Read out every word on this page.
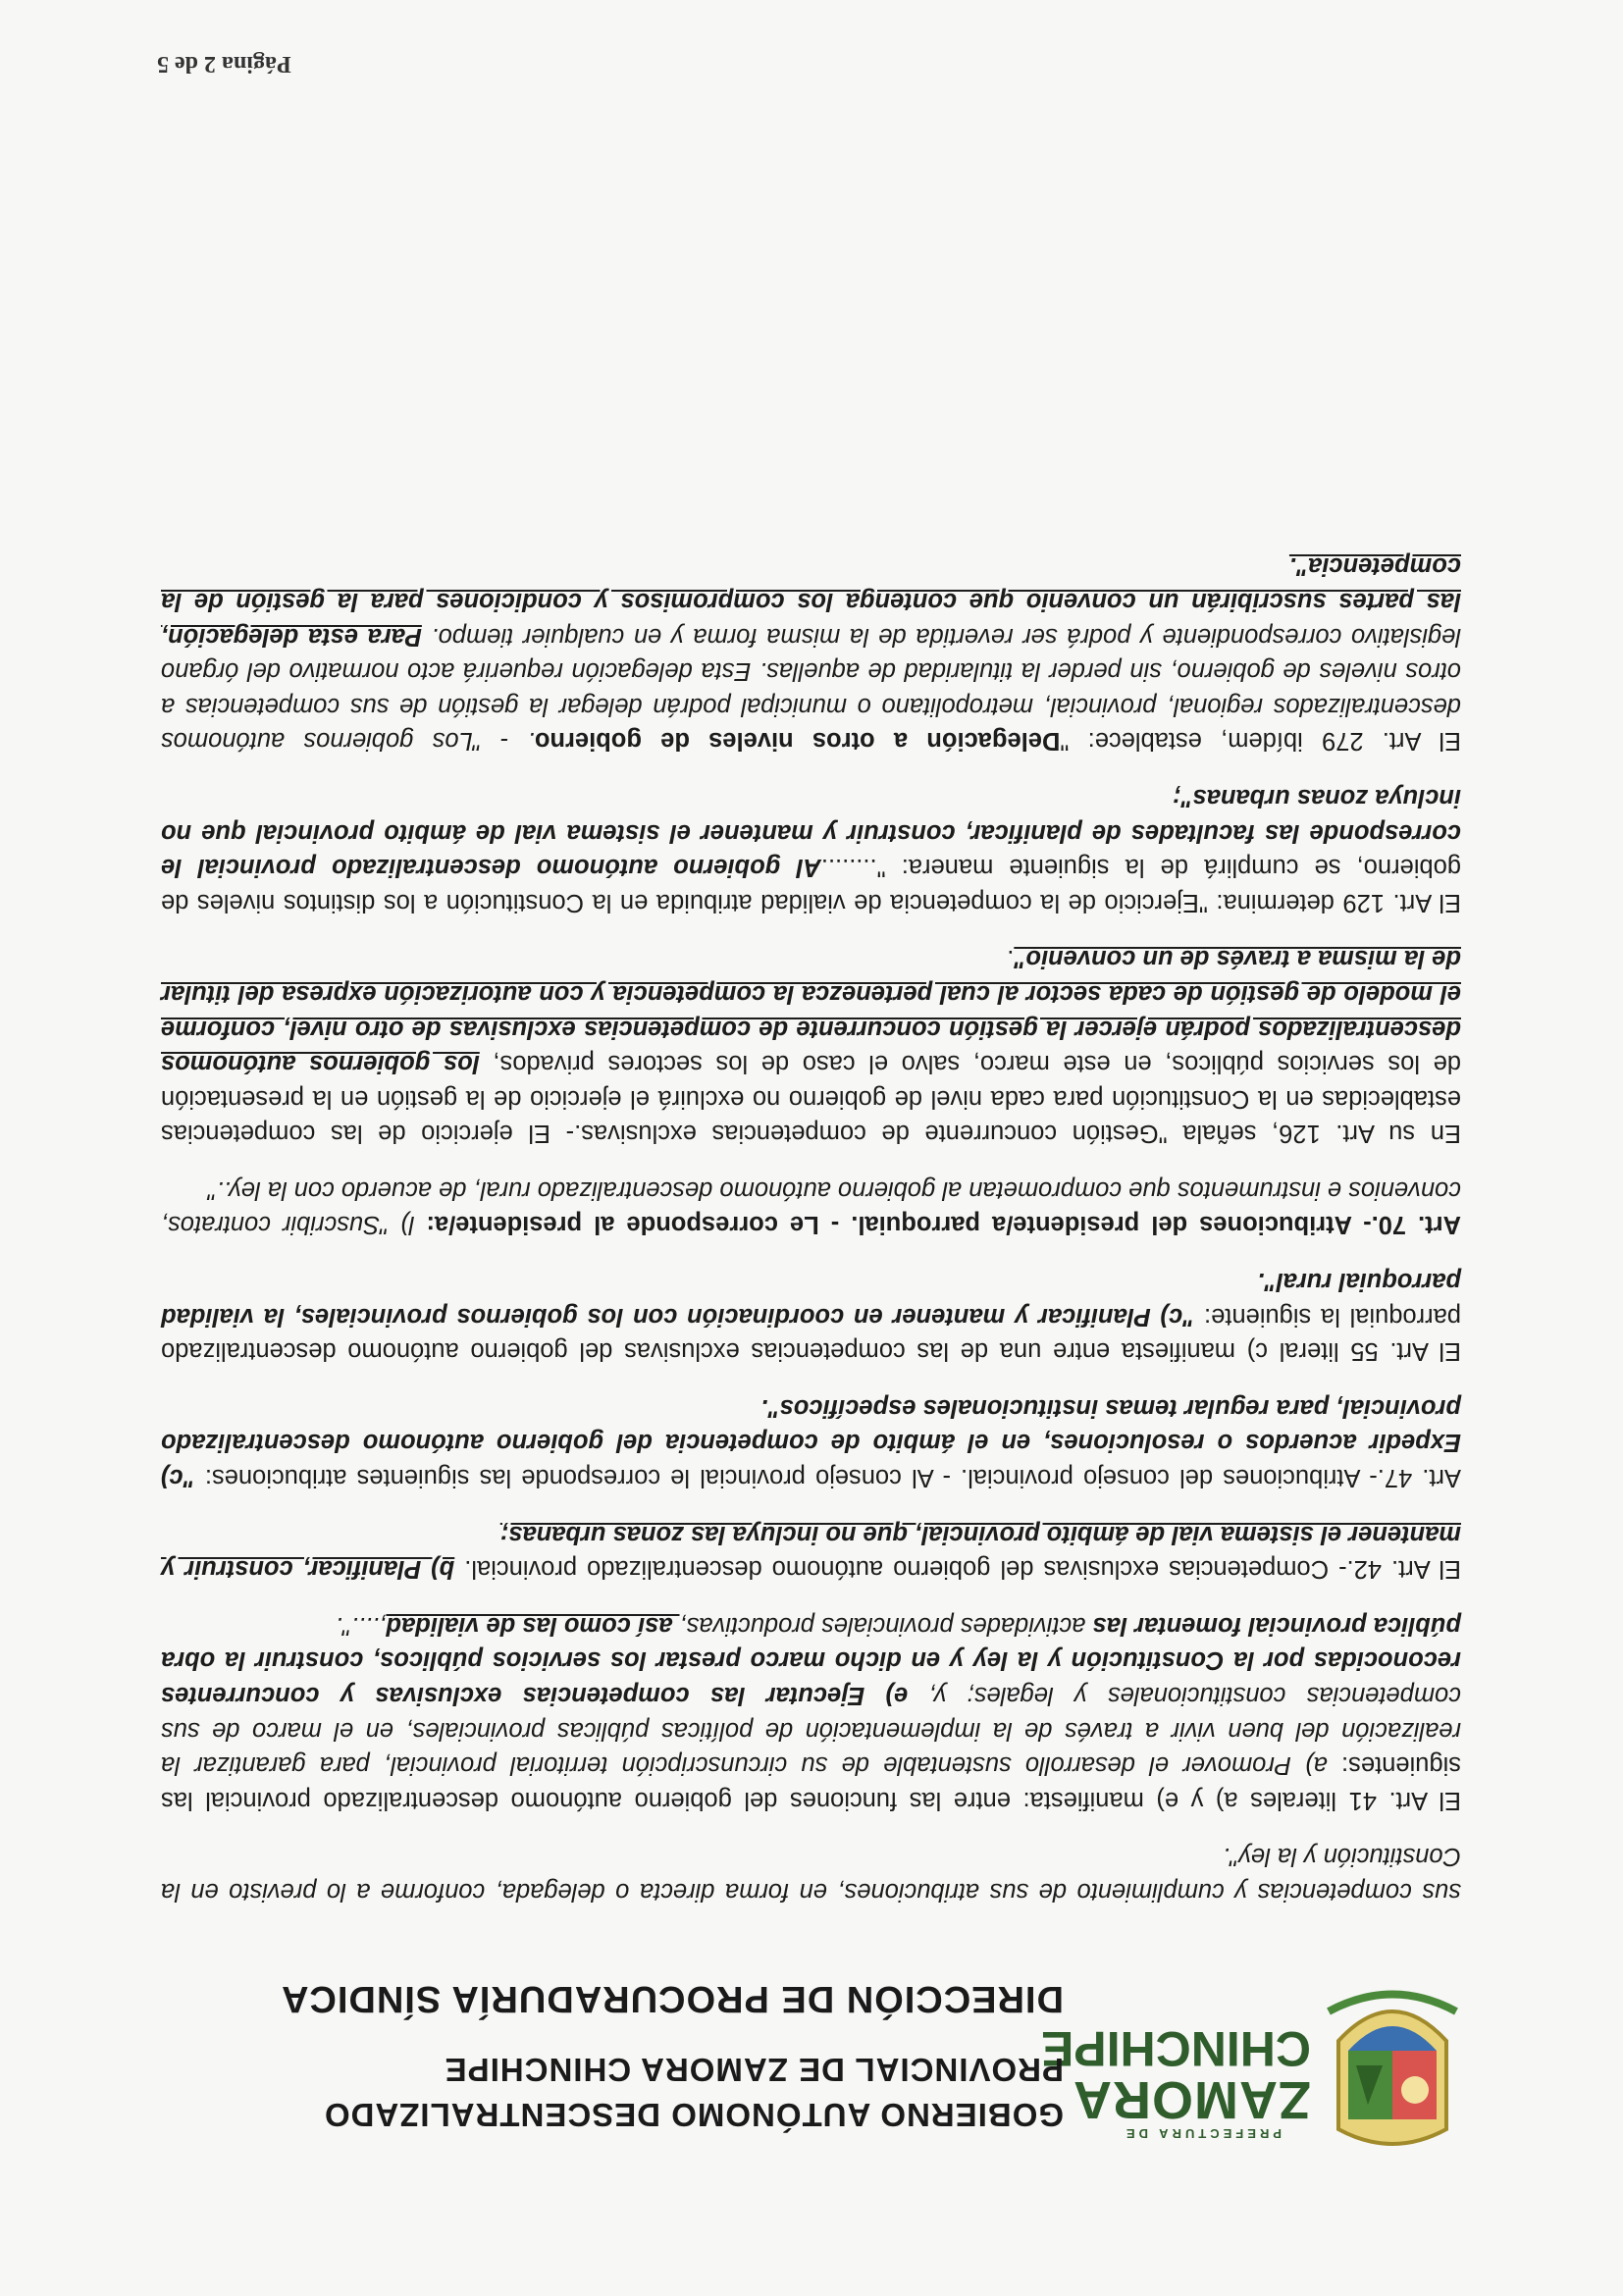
PREFECTURA DE
ZAMORA
CHINCHIPE
GOBIERNO AUTÓNOMO DESCENTRALIZADO
PROVINCIAL DE ZAMORA CHINCHIPE
DIRECCIÓN DE PROCURADURÍA SÍNDICA

sus competencias y cumplimiento de sus atribuciones, en forma directa o delegada, conforme a lo previsto en la Constitución y la ley".

El Art. 41 literales a) y e) manifiesta: entre las funciones del gobierno autónomo descentralizado provincial las siguientes: a) Promover el desarrollo sustentable de su circunscripción territorial provincial, para garantizar la realización del buen vivir a través de la implementación de políticas públicas provinciales, en el marco de sus competencias constitucionales y legales; y, e) Ejecutar las competencias exclusivas y concurrentes reconocidas por la Constitución y la ley y en dicho marco prestar los servicios públicos, construir la obra pública provincial fomentar las actividades provinciales productivas, así como las de vialidad,....".

El Art. 42.- Competencias exclusivas del gobierno autónomo descentralizado provincial. b) Planificar, construir y mantener el sistema vial de ámbito provincial, que no incluya las zonas urbanas;

Art. 47.- Atribuciones del consejo provincial. - Al consejo provincial le corresponde las siguientes atribuciones: "c) Expedir acuerdos o resoluciones, en el ámbito de competencia del gobierno autónomo descentralizado provincial, para regular temas institucionales específicos".

El Art. 55 literal c) manifiesta entre una de las competencias exclusivas del gobierno autónomo descentralizado parroquial la siguiente: "c) Planificar y mantener en coordinación con los gobiernos provinciales, la vialidad parroquial rural".

Art. 70.- Atribuciones del presidente/a parroquial. - Le corresponde al presidente/a: l) "Suscribir contratos, convenios e instrumentos que comprometan al gobierno autónomo descentralizado rural, de acuerdo con la ley.."

En su Art. 126, señala "Gestión concurrente de competencias exclusivas.- El ejercicio de las competencias establecidas en la Constitución para cada nivel de gobierno no excluirá el ejercicio de la gestión en la presentación de los servicios públicos, en este marco, salvo el caso de los sectores privados, los gobiernos autónomos descentralizados podrán ejercer la gestión concurrente de competencias exclusivas de otro nivel, conforme el modelo de gestión de cada sector al cual pertenezca la competencia y con autorización expresa del titular de la misma a través de un convenio".

El Art. 129 determina: "Ejercicio de la competencia de vialidad atribuida en la Constitución a los distintos niveles de gobierno, se cumplirá de la siguiente manera: "........Al gobierno autónomo descentralizado provincial le corresponde las facultades de planificar, construir y mantener el sistema vial de ámbito provincial que no incluya zonas urbanas";

El Art. 279 ibídem, establece: "Delegación a otros niveles de gobierno. - "Los gobiernos autónomos descentralizados regional, provincial, metropolitano o municipal podrán delegar la gestión de sus competencias a otros niveles de gobierno, sin perder la titularidad de aquellas. Esta delegación requerirá acto normativo del órgano legislativo correspondiente y podrá ser revertida de la misma forma y en cualquier tiempo. Para esta delegación, las partes suscribirán un convenio que contenga los compromisos y condiciones para la gestión de la competencia".

Página 2 de 5
